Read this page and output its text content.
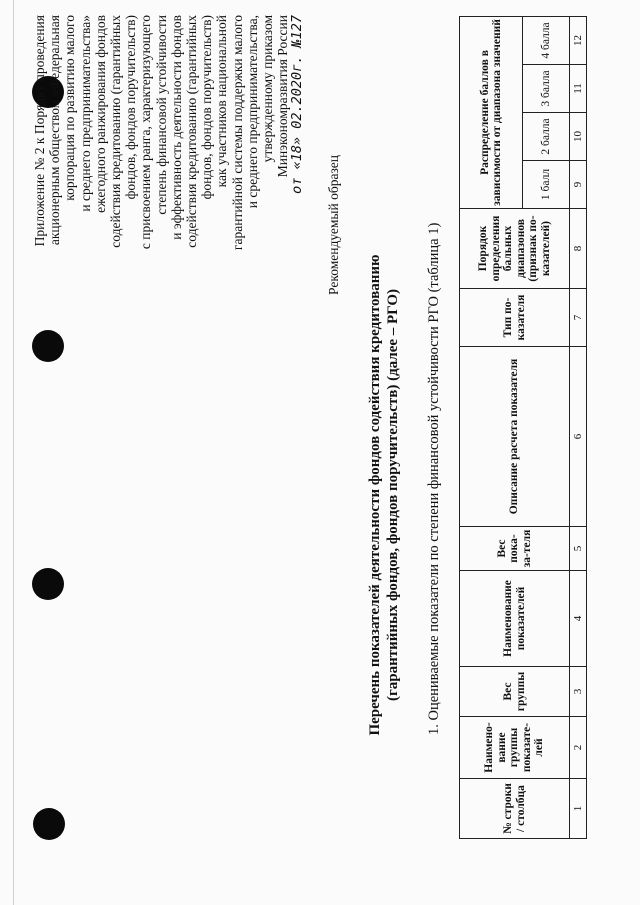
Приложение № 2 к Порядку проведения акционерным обществом «Федеральная корпорация по развитию малого и среднего предпринимательства» ежегодного ранжирования фондов содействия кредитованию (гарантийных фондов, фондов поручительств) с присвоением ранга, характеризующего степень финансовой устойчивости и эффективность деятельности фондов содействия кредитованию (гарантийных фондов, фондов поручительств) как участников национальной гарантийной системы поддержки малого и среднего предпринимательства, утвержденному приказом Минэкономразвития России от «18» 02.2020г. №127
Рекомендуемый образец
Перечень показателей деятельности фондов содействия кредитованию (гарантийных фондов, фондов поручительств) (далее – РГО) 1. Оцениваемые показатели по степени финансовой устойчивости РГО (таблица 1)
№ строки / столбца	Наимено-вание группы показате-лей	Вес группы	Наименование показателей	Вес пока-за-теля	Описание расчета показателя	Тип по-казателя	Порядок определения бальных диапазонов (признак по-казателей)	Распределение баллов в зависимости от диапазона значений			
								1 балл	2 балла	3 балла	4 балла
1	2	3	4	5	6	7	8	9	10	11	12
